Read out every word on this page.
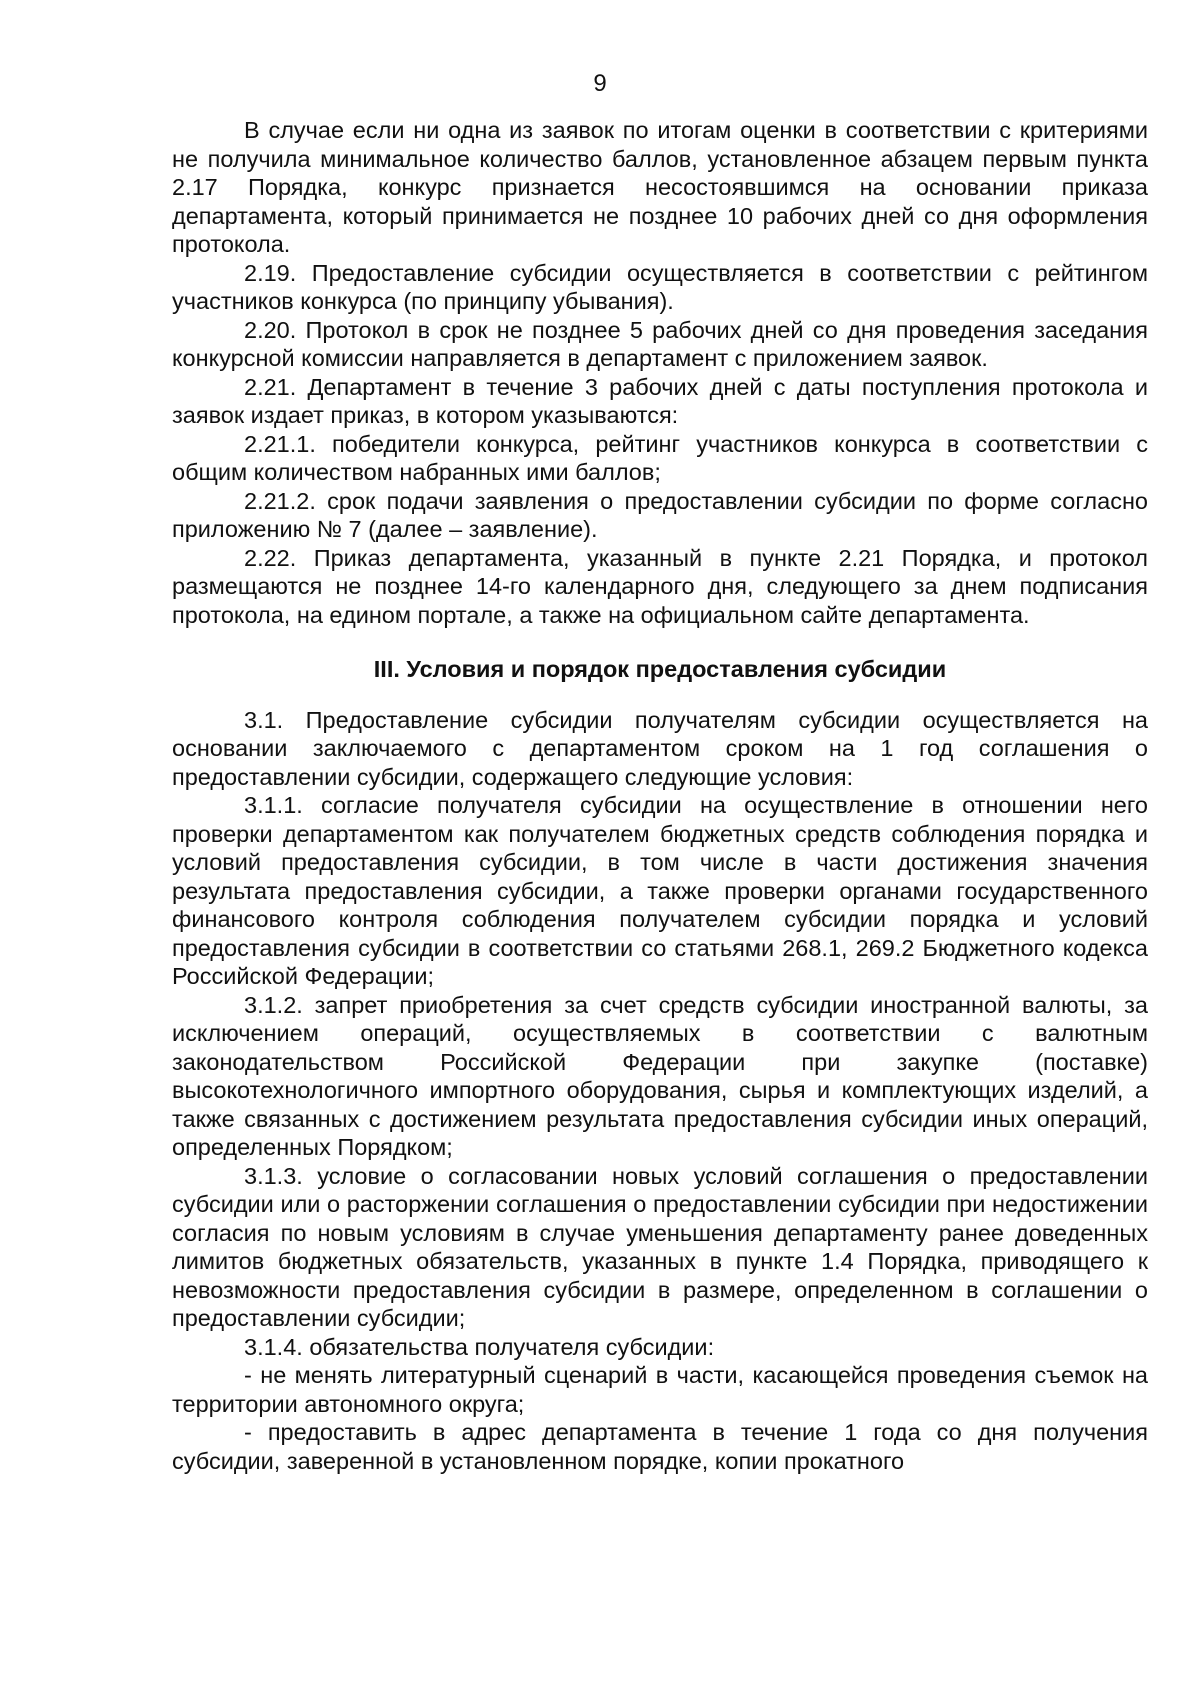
9

В случае если ни одна из заявок по итогам оценки в соответствии с критериями не получила минимальное количество баллов, установленное абзацем первым пункта 2.17 Порядка, конкурс признается несостоявшимся на основании приказа департамента, который принимается не позднее 10 рабочих дней со дня оформления протокола.

2.19. Предоставление субсидии осуществляется в соответствии с рейтингом участников конкурса (по принципу убывания).

2.20. Протокол в срок не позднее 5 рабочих дней со дня проведения заседания конкурсной комиссии направляется в департамент с приложением заявок.

2.21. Департамент в течение 3 рабочих дней с даты поступления протокола и заявок издает приказ, в котором указываются:

2.21.1. победители конкурса, рейтинг участников конкурса в соответствии с общим количеством набранных ими баллов;

2.21.2. срок подачи заявления о предоставлении субсидии по форме согласно приложению № 7 (далее – заявление).

2.22. Приказ департамента, указанный в пункте 2.21 Порядка, и протокол размещаются не позднее 14-го календарного дня, следующего за днем подписания протокола, на едином портале, а также на официальном сайте департамента.

III. Условия и порядок предоставления субсидии

3.1. Предоставление субсидии получателям субсидии осуществляется на основании заключаемого с департаментом сроком на 1 год соглашения о предоставлении субсидии, содержащего следующие условия:

3.1.1. согласие получателя субсидии на осуществление в отношении него проверки департаментом как получателем бюджетных средств соблюдения порядка и условий предоставления субсидии, в том числе в части достижения значения результата предоставления субсидии, а также проверки органами государственного финансового контроля соблюдения получателем субсидии порядка и условий предоставления субсидии в соответствии со статьями 268.1, 269.2 Бюджетного кодекса Российской Федерации;

3.1.2. запрет приобретения за счет средств субсидии иностранной валюты, за исключением операций, осуществляемых в соответствии с валютным законодательством Российской Федерации при закупке (поставке) высокотехнологичного импортного оборудования, сырья и комплектующих изделий, а также связанных с достижением результата предоставления субсидии иных операций, определенных Порядком;

3.1.3. условие о согласовании новых условий соглашения о предоставлении субсидии или о расторжении соглашения о предоставлении субсидии при недостижении согласия по новым условиям в случае уменьшения департаменту ранее доведенных лимитов бюджетных обязательств, указанных в пункте 1.4 Порядка, приводящего к невозможности предоставления субсидии в размере, определенном в соглашении о предоставлении субсидии;

3.1.4. обязательства получателя субсидии:

- не менять литературный сценарий в части, касающейся проведения съемок на территории автономного округа;

- предоставить в адрес департамента в течение 1 года со дня получения субсидии, заверенной в установленном порядке, копии прокатного
